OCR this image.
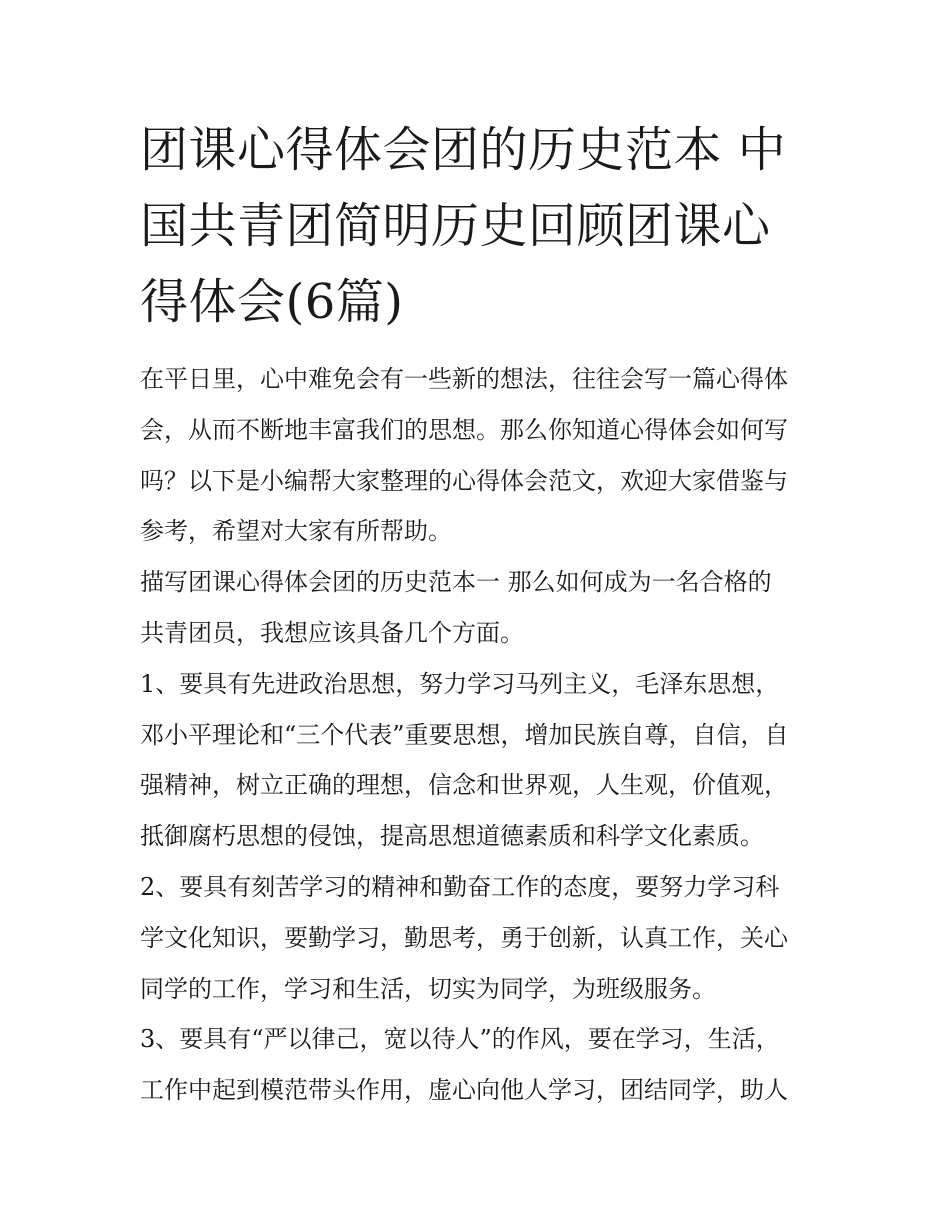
团课心得体会团的历史范本 中
国共青团简明历史回顾团课心
得体会(6篇)

在平日里，心中难免会有一些新的想法，往往会写一篇心得体
会，从而不断地丰富我们的思想。那么你知道心得体会如何写
吗？以下是小编帮大家整理的心得体会范文，欢迎大家借鉴与
参考，希望对大家有所帮助。

描写团课心得体会团的历史范本一 那么如何成为一名合格的
共青团员，我想应该具备几个方面。

1、要具有先进政治思想，努力学习马列主义，毛泽东思想，
邓小平理论和“三个代表”重要思想，增加民族自尊，自信，自
强精神，树立正确的理想，信念和世界观，人生观，价值观，
抵御腐朽思想的侵蚀，提高思想道德素质和科学文化素质。

2、要具有刻苦学习的精神和勤奋工作的态度，要努力学习科
学文化知识，要勤学习，勤思考，勇于创新，认真工作，关心
同学的工作，学习和生活，切实为同学，为班级服务。

3、要具有“严以律己，宽以待人”的作风，要在学习，生活，
工作中起到模范带头作用，虚心向他人学习，团结同学，助人
